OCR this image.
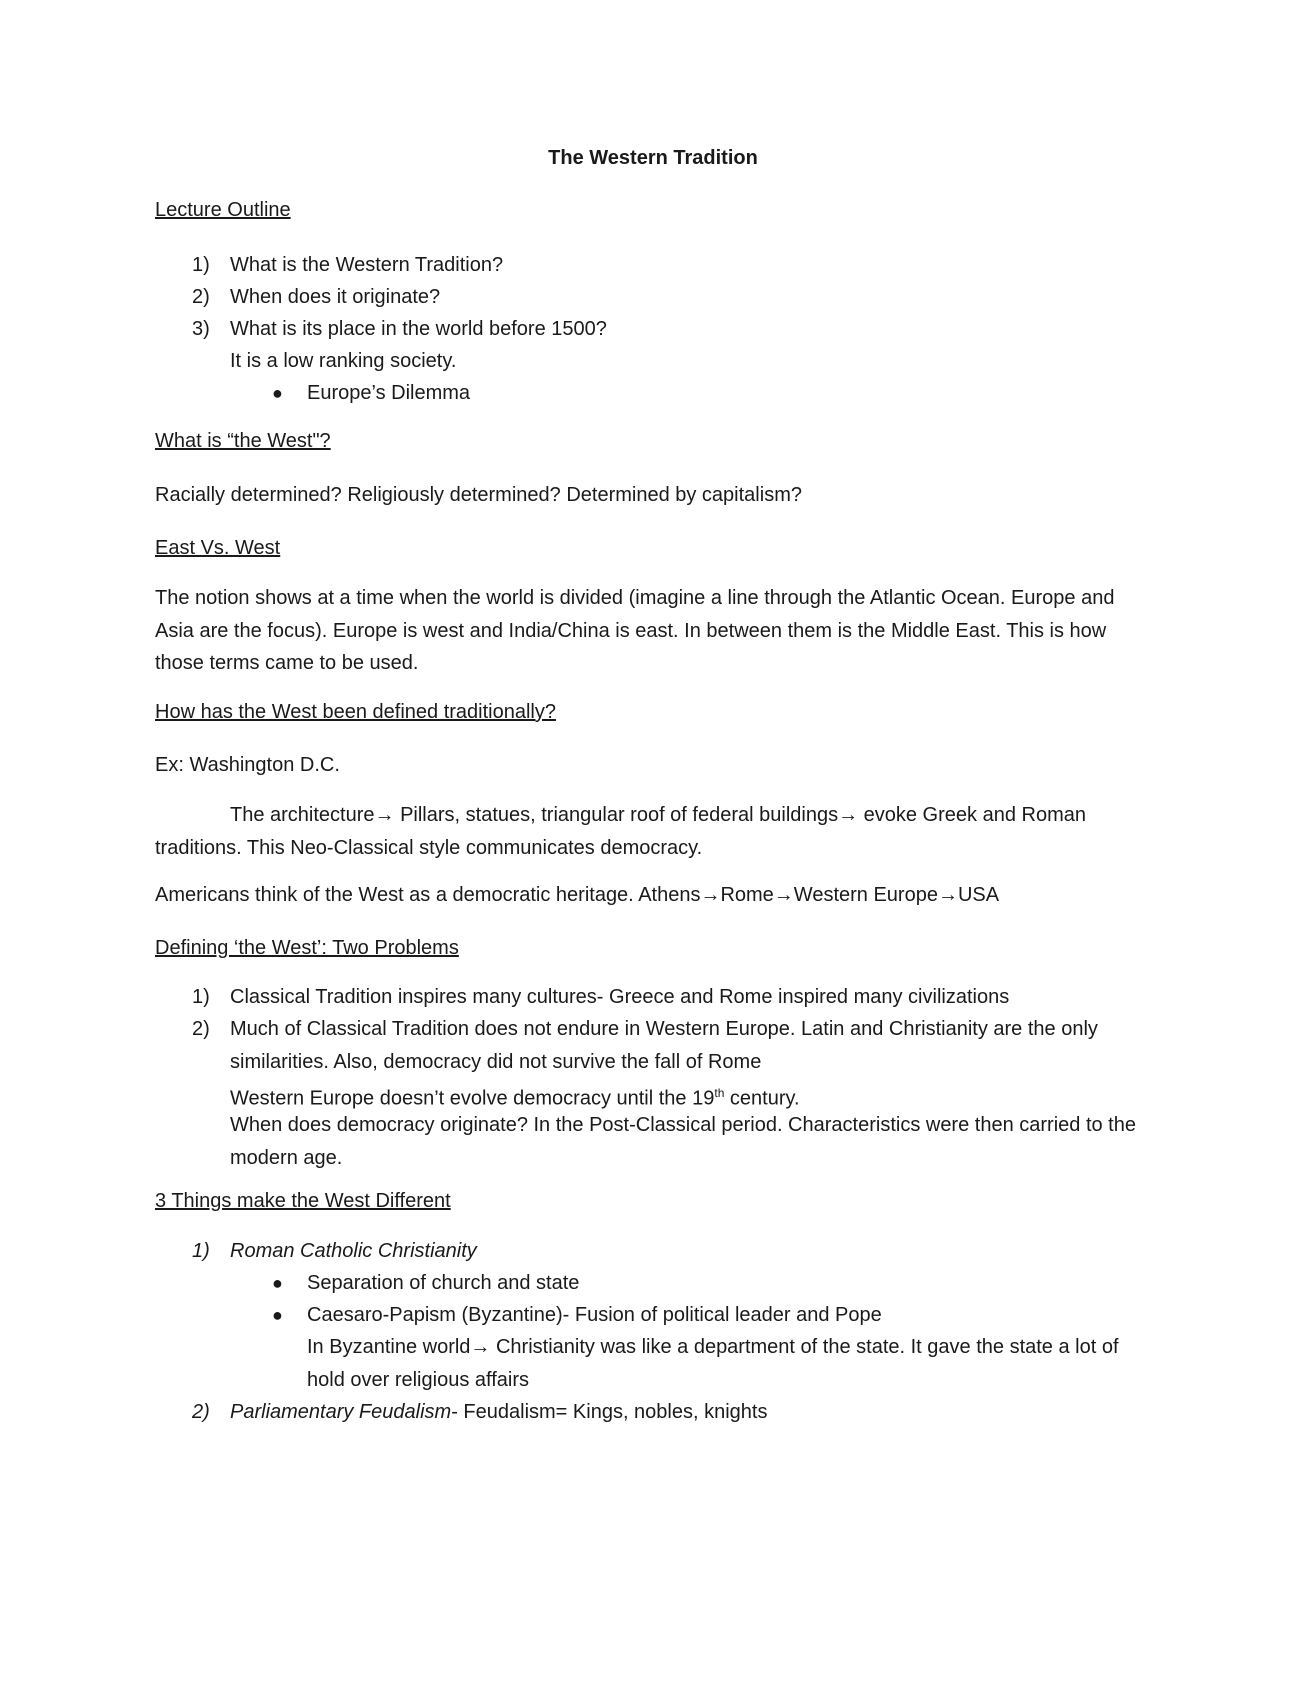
The Western Tradition

Lecture Outline

1) What is the Western Tradition?
2) When does it originate?
3) What is its place in the world before 1500?
It is a low ranking society.
● Europe’s Dilemma

What is “the West"?

Racially determined? Religiously determined? Determined by capitalism?

East Vs. West

The notion shows at a time when the world is divided (imagine a line through the Atlantic Ocean. Europe and Asia are the focus). Europe is west and India/China is east. In between them is the Middle East. This is how those terms came to be used.

How has the West been defined traditionally?

Ex: Washington D.C.

The architecture→ Pillars, statues, triangular roof of federal buildings→ evoke Greek and Roman traditions. This Neo-Classical style communicates democracy.

Americans think of the West as a democratic heritage. Athens→Rome→Western Europe→USA

Defining ‘the West’: Two Problems

1) Classical Tradition inspires many cultures- Greece and Rome inspired many civilizations
2) Much of Classical Tradition does not endure in Western Europe. Latin and Christianity are the only similarities. Also, democracy did not survive the fall of Rome

Western Europe doesn’t evolve democracy until the 19th century.

When does democracy originate? In the Post-Classical period. Characteristics were then carried to the modern age.

3 Things make the West Different

1) Roman Catholic Christianity
● Separation of church and state
● Caesaro-Papism (Byzantine)- Fusion of political leader and Pope

In Byzantine world→ Christianity was like a department of the state. It gave the state a lot of hold over religious affairs

2) Parliamentary Feudalism- Feudalism= Kings, nobles, knights
